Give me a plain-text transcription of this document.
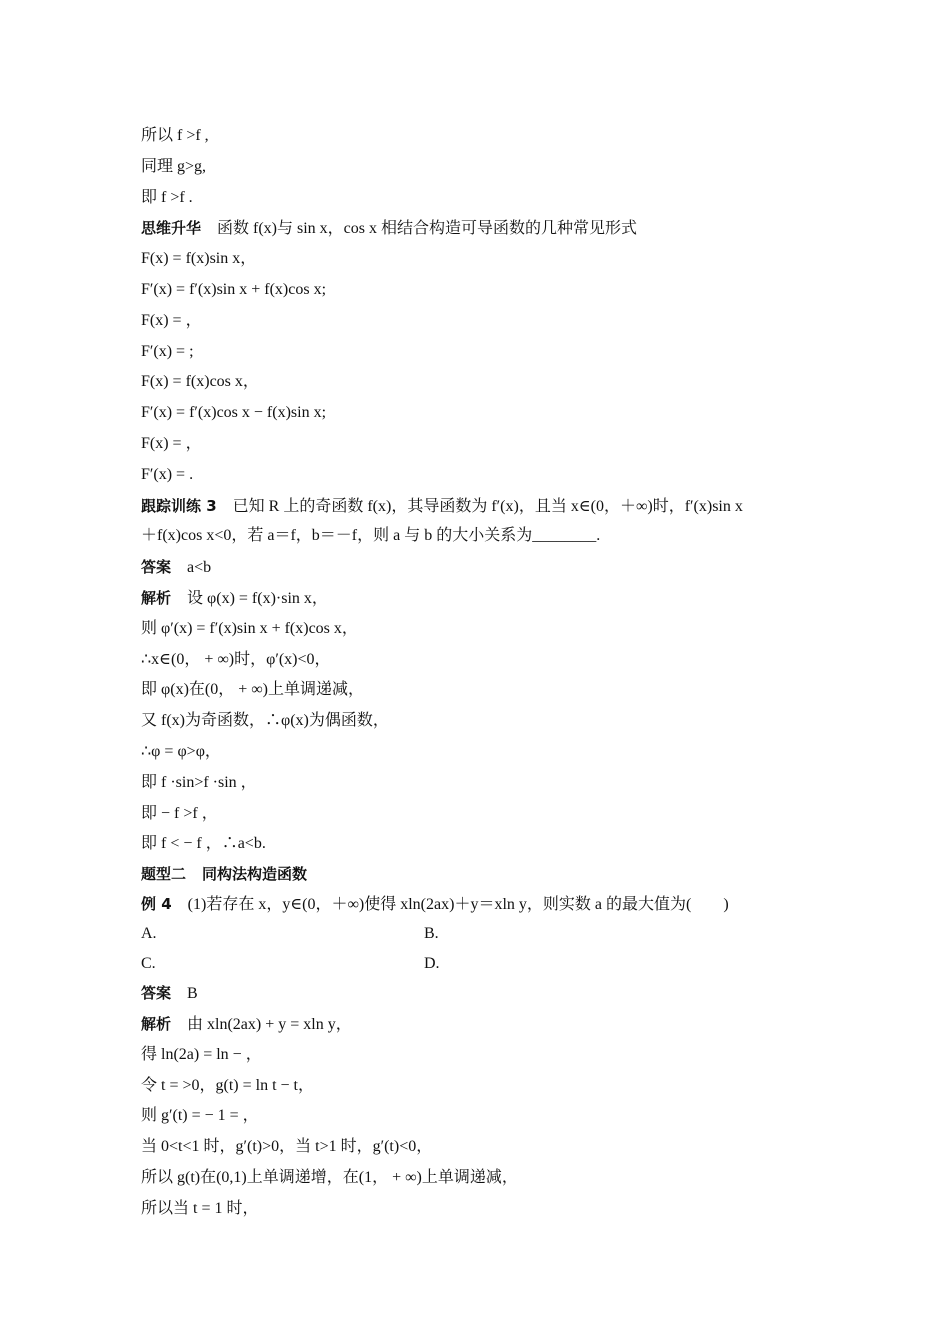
所以 f >f ,
同理 g>g,
即 f >f .
思维升华 函数 f(x)与 sin x，cos x 相结合构造可导函数的几种常见形式
F(x) = f(x)sin x，
F′(x) = f′(x)sin x + f(x)cos x;
F(x) = ，
F′(x) = ;
F(x) = f(x)cos x，
F′(x) = f′(x)cos x − f(x)sin x;
F(x) = ，
F′(x) = .
跟踪训练 3 已知 R 上的奇函数 f(x)，其导函数为 f′(x)，且当 x∈(0，＋∞)时，f′(x)sin x
＋f(x)cos x<0，若 a＝f，b＝－f，则 a 与 b 的大小关系为________.
答案 a<b
解析 设 φ(x) = f(x)·sin x，
则 φ′(x) = f′(x)sin x + f(x)cos x，
∴x∈(0， + ∞)时，φ′(x)<0，
即 φ(x)在(0， + ∞)上单调递减，
又 f(x)为奇函数，∴φ(x)为偶函数，
∴φ = φ>φ，
即 f ·sin>f ·sin ，
即 − f >f ，
即 f < − f ，∴a<b.
题型二 同构法构造函数
例 4 (1)若存在 x，y∈(0，＋∞)使得 xln(2ax)＋y＝xln y，则实数 a 的最大值为(　　)
A.	B.
C.	D.
答案 B
解析 由 xln(2ax) + y = xln y，
得 ln(2a) = ln − ，
令 t = >0，g(t) = ln t − t，
则 g′(t) = − 1 = ，
当 0<t<1 时，g′(t)>0，当 t>1 时，g′(t)<0，
所以 g(t)在(0,1)上单调递增，在(1， + ∞)上单调递减，
所以当 t = 1 时，
